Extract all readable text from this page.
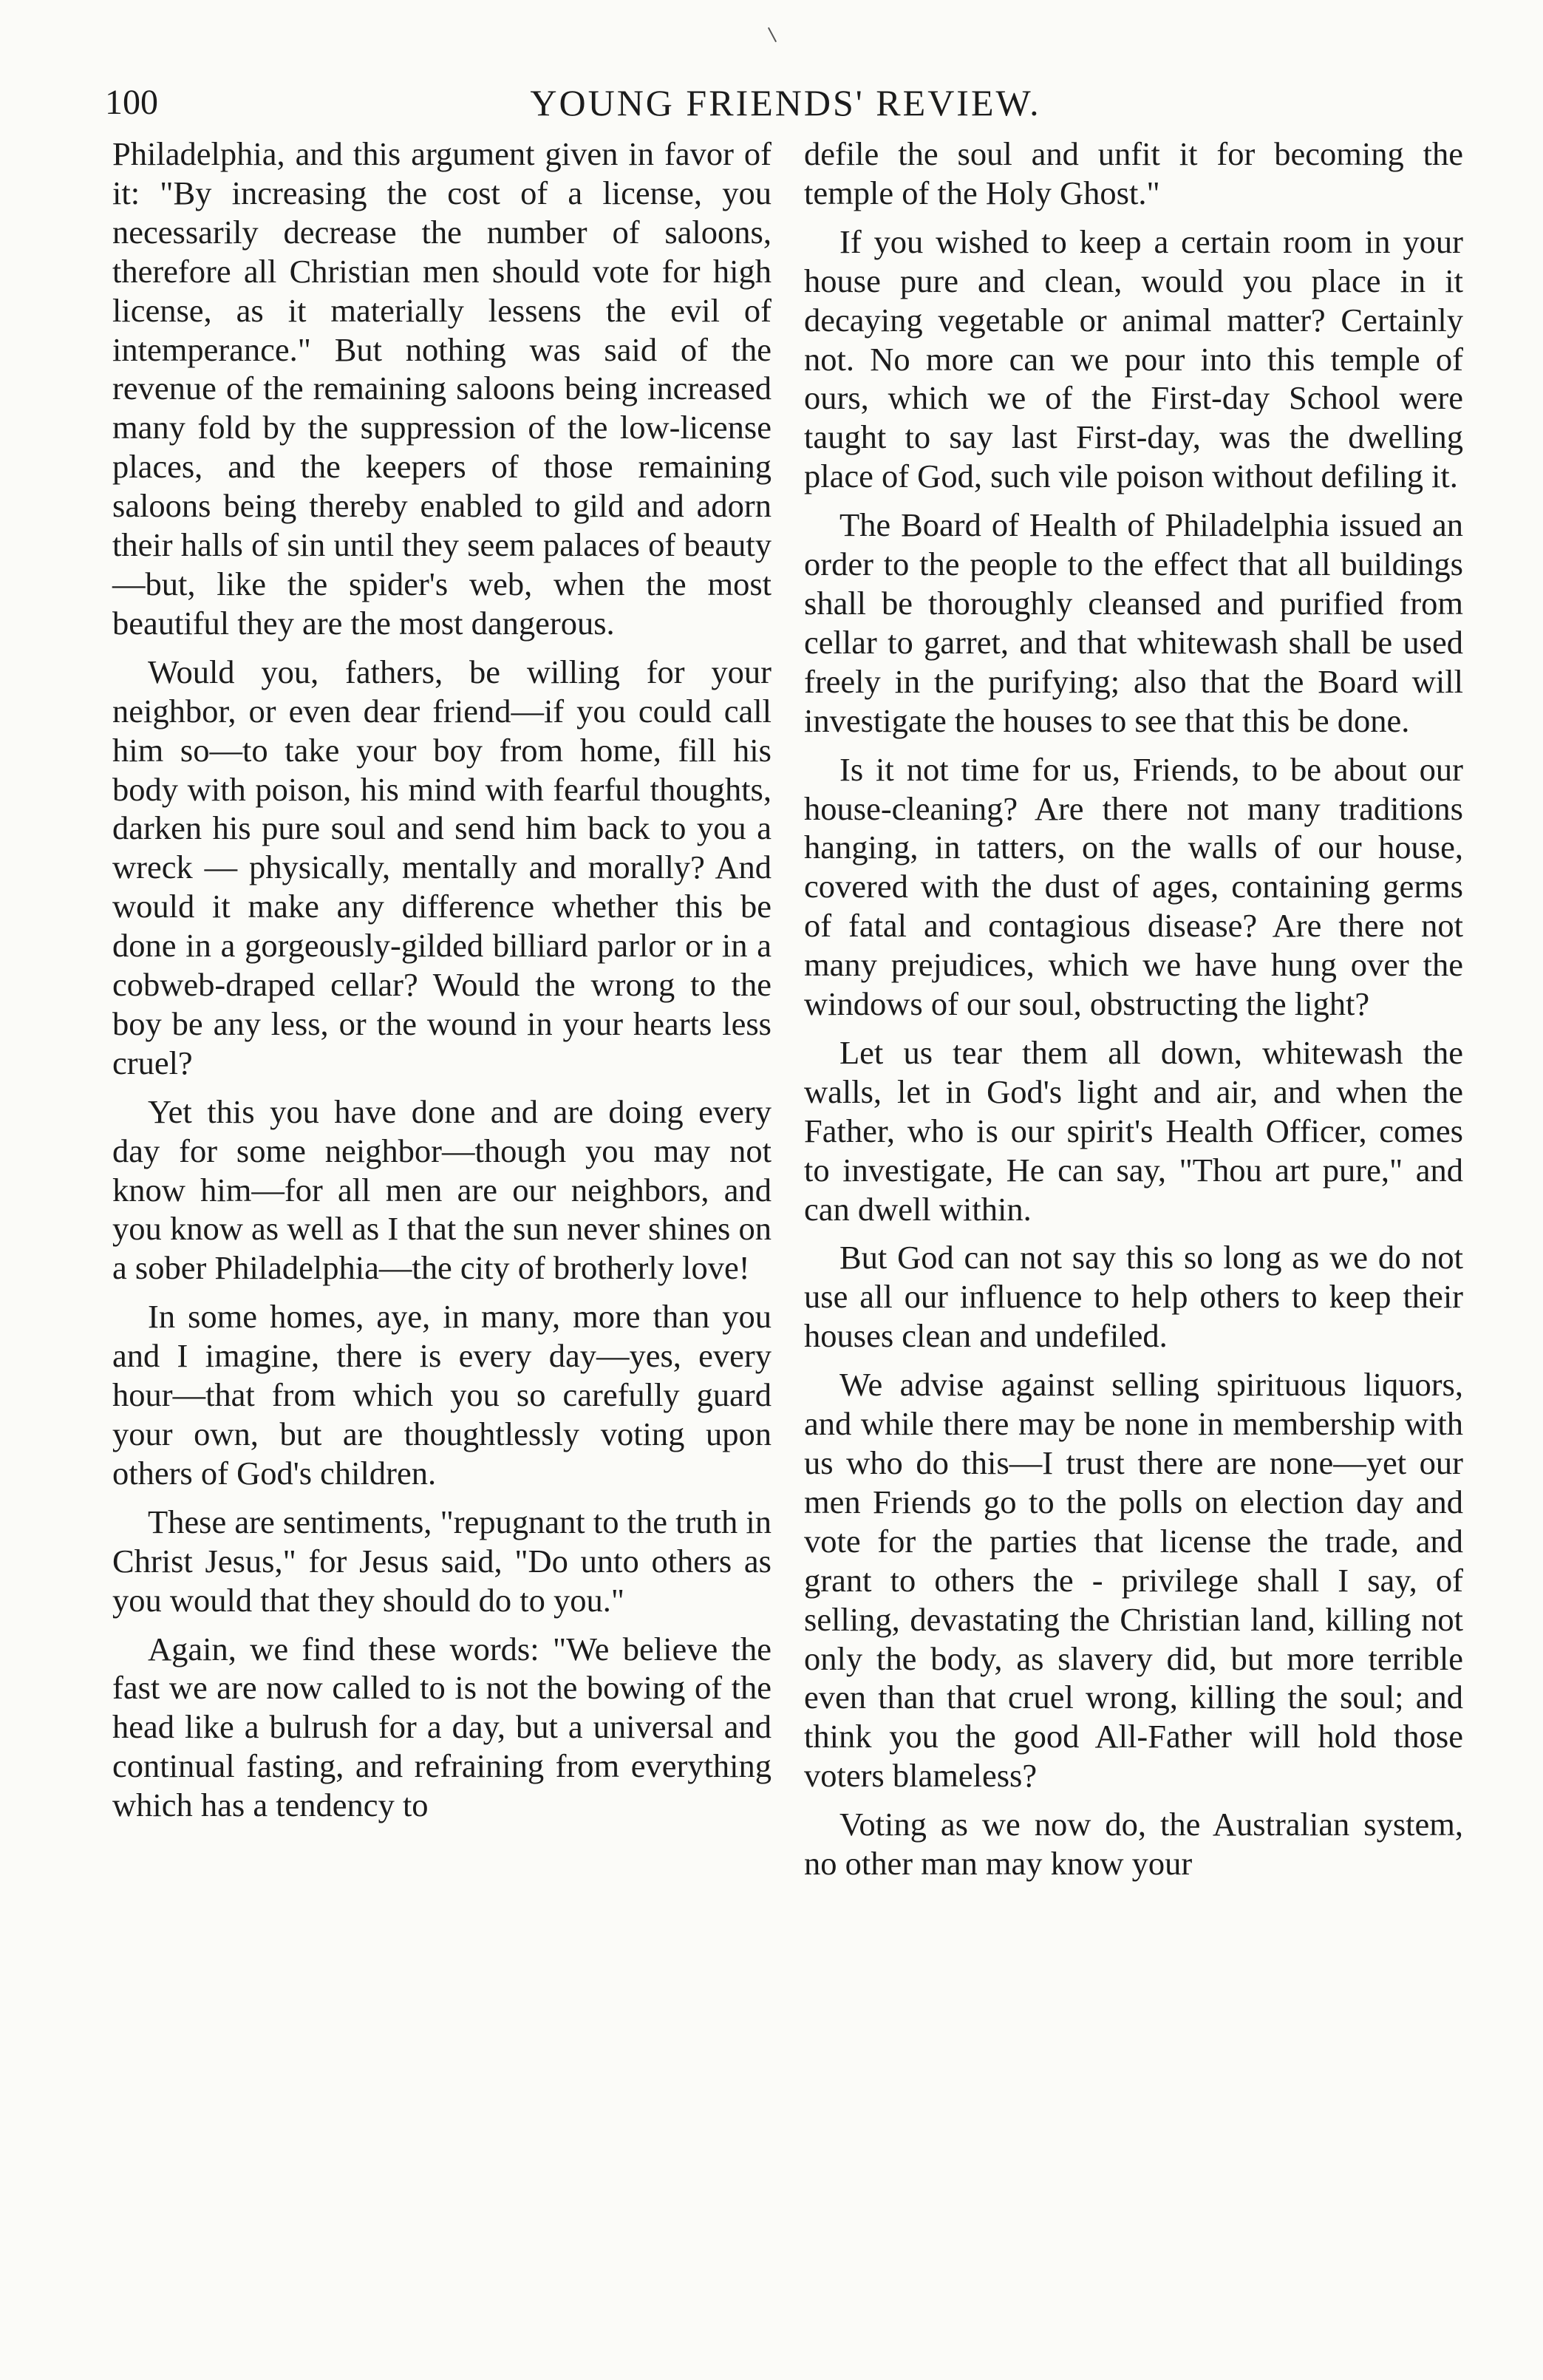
100	YOUNG FRIENDS' REVIEW.

Philadelphia, and this argument given in favor of it: "By increasing the cost of a license, you necessarily decrease the number of saloons, therefore all Christian men should vote for high license, as it materially lessens the evil of intemperance." But nothing was said of the revenue of the remaining saloons being increased many fold by the suppression of the low-license places, and the keepers of those remaining saloons being thereby enabled to gild and adorn their halls of sin until they seem palaces of beauty—but, like the spider's web, when the most beautiful they are the most dangerous.

Would you, fathers, be willing for your neighbor, or even dear friend—if you could call him so—to take your boy from home, fill his body with poison, his mind with fearful thoughts, darken his pure soul and send him back to you a wreck — physically, mentally and morally? And would it make any difference whether this be done in a gorgeously-gilded billiard parlor or in a cobweb-draped cellar? Would the wrong to the boy be any less, or the wound in your hearts less cruel?

Yet this you have done and are doing every day for some neighbor—though you may not know him—for all men are our neighbors, and you know as well as I that the sun never shines on a sober Philadelphia—the city of brotherly love!

In some homes, aye, in many, more than you and I imagine, there is every day—yes, every hour—that from which you so carefully guard your own, but are thoughtlessly voting upon others of God's children.

These are sentiments, "repugnant to the truth in Christ Jesus," for Jesus said, "Do unto others as you would that they should do to you."

Again, we find these words: "We believe the fast we are now called to is not the bowing of the head like a bulrush for a day, but a universal and continual fasting, and refraining from everything which has a tendency to

defile the soul and unfit it for becoming the temple of the Holy Ghost."

If you wished to keep a certain room in your house pure and clean, would you place in it decaying vegetable or animal matter? Certainly not. No more can we pour into this temple of ours, which we of the First-day School were taught to say last First-day, was the dwelling place of God, such vile poison without defiling it.

The Board of Health of Philadelphia issued an order to the people to the effect that all buildings shall be thoroughly cleansed and purified from cellar to garret, and that whitewash shall be used freely in the purifying; also that the Board will investigate the houses to see that this be done.

Is it not time for us, Friends, to be about our house-cleaning? Are there not many traditions hanging, in tatters, on the walls of our house, covered with the dust of ages, containing germs of fatal and contagious disease? Are there not many prejudices, which we have hung over the windows of our soul, obstructing the light?

Let us tear them all down, whitewash the walls, let in God's light and air, and when the Father, who is our spirit's Health Officer, comes to investigate, He can say, "Thou art pure," and can dwell within.

But God can not say this so long as we do not use all our influence to help others to keep their houses clean and undefiled.

We advise against selling spirituous liquors, and while there may be none in membership with us who do this—I trust there are none—yet our men Friends go to the polls on election day and vote for the parties that license the trade, and grant to others the - privilege shall I say, of selling, devastating the Christian land, killing not only the body, as slavery did, but more terrible even than that cruel wrong, killing the soul; and think you the good All-Father will hold those voters blameless?

Voting as we now do, the Australian system, no other man may know your
